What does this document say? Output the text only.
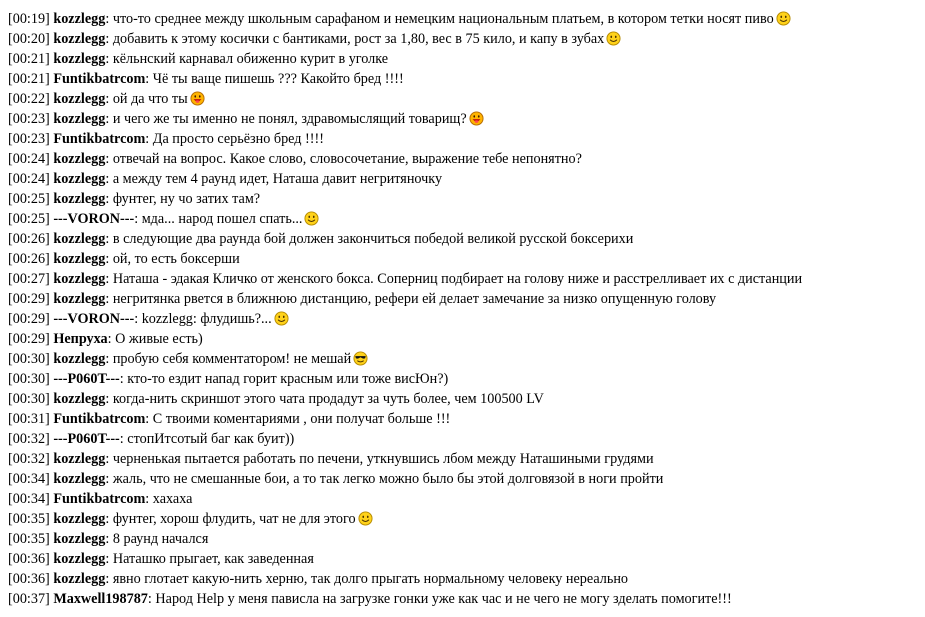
[00:19] kozzlegg: что-то среднее между школьным сарафаном и немецким национальным платьем, в котором тетки носят пиво
[00:20] kozzlegg: добавить к этому косички с бантиками, рост за 1,80, вес в 75 кило, и капу в зубах
[00:21] kozzlegg: кёльнский карнавал обиженно курит в уголке
[00:21] Funtikbatrcom: Чё ты ваще пишешь ??? Какойто бред !!!!
[00:22] kozzlegg: ой да что ты
[00:23] kozzlegg: и чего же ты именно не понял, здравомыслящий товарищ?
[00:23] Funtikbatrcom: Да просто серьёзно бред !!!!
[00:24] kozzlegg: отвечай на вопрос. Какое слово, словосочетание, выражение тебе непонятно?
[00:24] kozzlegg: а между тем 4 раунд идет, Наташа давит негритяночку
[00:25] kozzlegg: фунтег, ну чо затих там?
[00:25] ---VORON---: мда... народ пошел спать...
[00:26] kozzlegg: в следующие два раунда бой должен закончиться победой великой русской боксерихи
[00:26] kozzlegg: ой, то есть боксерши
[00:27] kozzlegg: Наташа - эдакая Кличко от женского бокса. Соперниц подбирает на голову ниже и расстрелливает их с дистанции
[00:29] kozzlegg: негритянка рвется в ближнюю дистанцию, рефери ей делает замечание за низко опущенную голову
[00:29] ---VORON---: kozzlegg: флудишь?...
[00:29] Непруха: О живые есть)
[00:30] kozzlegg: пробую себя комментатором! не мешай
[00:30] ---P060T---: кто-то ездит напад горит красным или тоже висЮн?)
[00:30] kozzlegg: когда-нить скриншот этого чата продадут за чуть более, чем 100500 LV
[00:31] Funtikbatrcom: С твоими коментариями , они получат больше !!!
[00:32] ---P060T---: стопИтсотый баг как буит))
[00:32] kozzlegg: черненькая пытается работать по печени, уткнувшись лбом между Наташиными грудями
[00:34] kozzlegg: жаль, что не смешанные бои, а то так легко можно было бы этой долговязой в ноги пройти
[00:34] Funtikbatrcom: хахаха
[00:35] kozzlegg: фунтег, хорош флудить, чат не для этого
[00:35] kozzlegg: 8 раунд начался
[00:36] kozzlegg: Наташко прыгает, как заведенная
[00:36] kozzlegg: явно глотает какую-нить херню, так долго прыгать нормальному человеку нереально
[00:37] Maxwell198787: Народ Help у меня пависла на загрузке гонки уже как час и не чего не могу зделать помогите!!!
